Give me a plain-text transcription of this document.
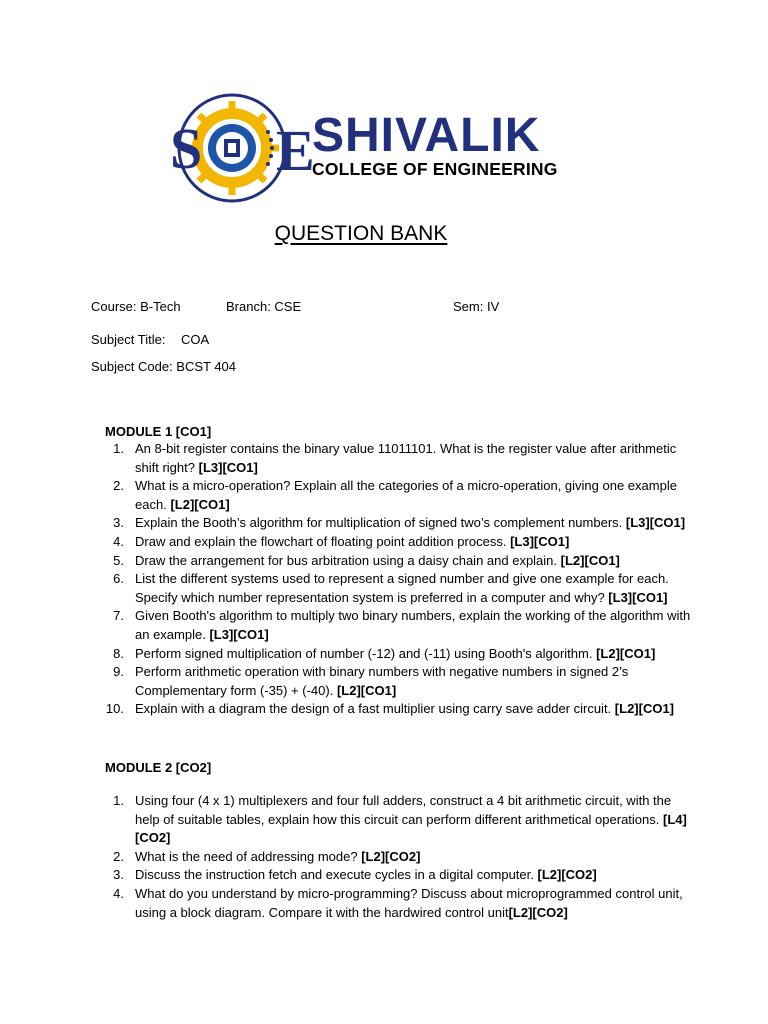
S E
SHIVALIK
COLLEGE OF ENGINEERING
QUESTION BANK
Course: B-Tech	Branch: CSE	Sem: IV
Subject Title: COA
Subject Code: BCST 404
MODULE 1 [CO1]
1. An 8-bit register contains the binary value 11011101. What is the register value after arithmetic shift right? [L3][CO1]
2. What is a micro-operation? Explain all the categories of a micro-operation, giving one example each. [L2][CO1]
3. Explain the Booth’s algorithm for multiplication of signed two’s complement numbers. [L3][CO1]
4. Draw and explain the flowchart of floating point addition process. [L3][CO1]
5. Draw the arrangement for bus arbitration using a daisy chain and explain. [L2][CO1]
6. List the different systems used to represent a signed number and give one example for each. Specify which number representation system is preferred in a computer and why? [L3][CO1]
7. Given Booth's algorithm to multiply two binary numbers, explain the working of the algorithm with an example. [L3][CO1]
8. Perform signed multiplication of number (-12) and (-11) using Booth's algorithm. [L2][CO1]
9. Perform arithmetic operation with binary numbers with negative numbers in signed 2’s Complementary form (-35) + (-40). [L2][CO1]
10. Explain with a diagram the design of a fast multiplier using carry save adder circuit. [L2][CO1]
MODULE 2 [CO2]
1. Using four (4 x 1) multiplexers and four full adders, construct a 4 bit arithmetic circuit, with the help of suitable tables, explain how this circuit can perform different arithmetical operations. [L4][CO2]
2. What is the need of addressing mode? [L2][CO2]
3. Discuss the instruction fetch and execute cycles in a digital computer. [L2][CO2]
4. What do you understand by micro-programming? Discuss about microprogrammed control unit, using a block diagram. Compare it with the hardwired control unit[L2][CO2]
